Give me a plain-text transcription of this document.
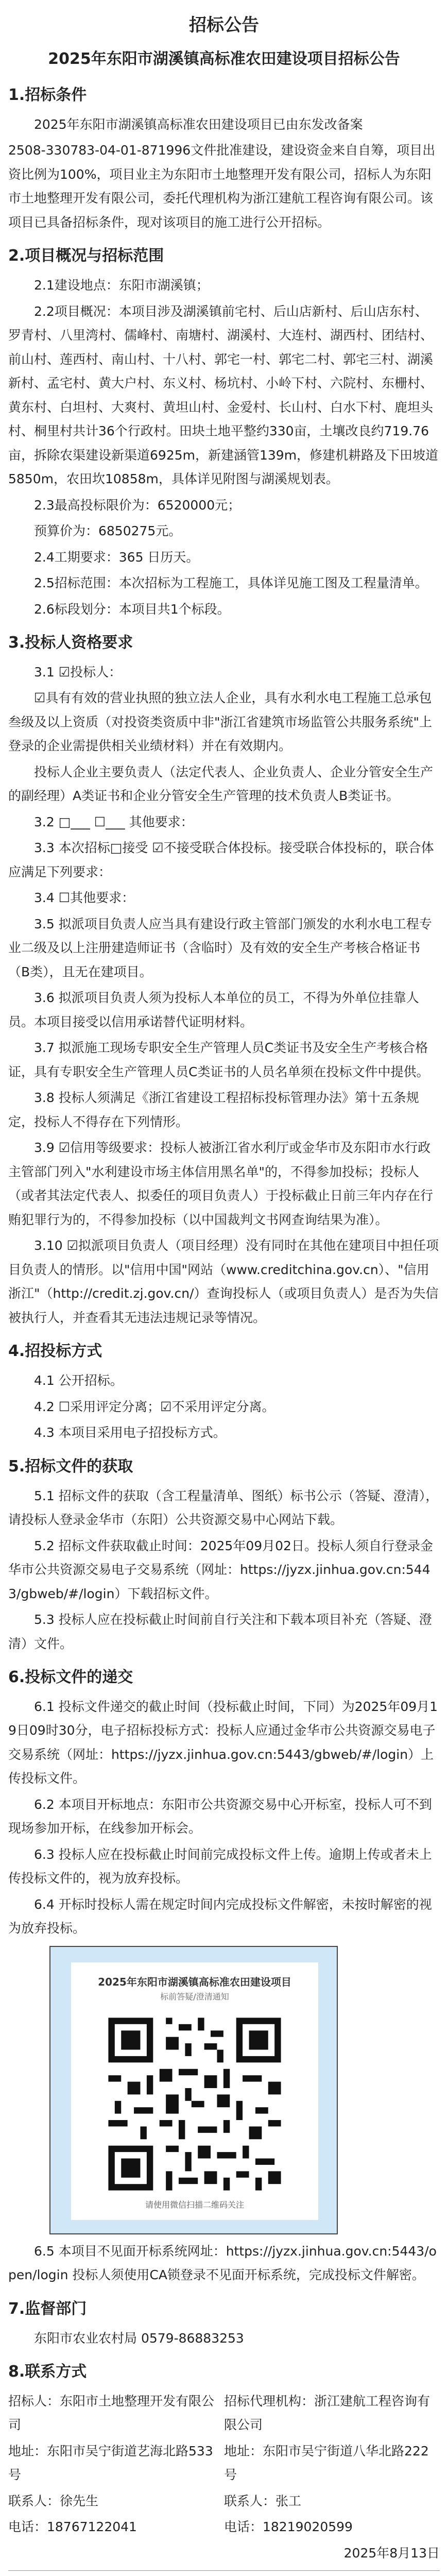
招标公告
2025年东阳市湖溪镇高标准农田建设项目招标公告
1.招标条件

2025年东阳市湖溪镇高标准农田建设项目已由东发改备案

2508-330783-04-01-871996文件批准建设，建设资金来自自筹，项目出资比例为100%，项目业主为东阳市土地整理开发有限公司，招标人为东阳市土地整理开发有限公司，委托代理机构为浙江建航工程咨询有限公司。该项目已具备招标条件，现对该项目的施工进行公开招标。

2.项目概况与招标范围

2.1建设地点：东阳市湖溪镇；

2.2项目概况：本项目涉及湖溪镇前宅村、后山店新村、后山店东村、罗青村、八里湾村、儒峰村、南塘村、湖溪村、大连村、湖西村、团结村、前山村、莲西村、南山村、十八村、郭宅一村、郭宅二村、郭宅三村、湖溪新村、孟宅村、黄大户村、东义村、杨坑村、小岭下村、六院村、东栅村、黄东村、白坦村、大爽村、黄坦山村、金爱村、长山村、白水下村、鹿坦头村、桐里村共计36个行政村。田块土地平整约330亩，土壤改良约719.76亩，拆除农渠建设新渠道6925m，新建涵管139m，修建机耕路及下田坡道5850m，农田坎10858m，具体详见附图与湖溪规划表。

2.3最高投标限价为：6520000元；

预算价为：6850275元。

2.4工期要求：365 日历天。

2.5招标范围：本次招标为工程施工，具体详见施工图及工程量清单。

2.6标段划分：本项目共1个标段。

3.投标人资格要求

3.1 ☑投标人：

☑具有有效的营业执照的独立法人企业，具有水利水电工程施工总承包叁级及以上资质（对投资类资质中非"浙江省建筑市场监管公共服务系统"上登录的企业需提供相关业绩材料）并在有效期内。

投标人企业主要负责人（法定代表人、企业负责人、企业分管安全生产的副经理）A类证书和企业分管安全生产管理的技术负责人B类证书。

3.2 □___ ☐___ 其他要求：

3.3 本次招标□接受 ☑不接受联合体投标。接受联合体投标的，联合体应满足下列要求：

3.4 ☐其他要求：

3.5 拟派项目负责人应当具有建设行政主管部门颁发的水利水电工程专业二级及以上注册建造师证书（含临时）及有效的安全生产考核合格证书（B类），且无在建项目。

3.6 拟派项目负责人须为投标人本单位的员工，不得为外单位挂靠人员。本项目接受以信用承诺替代证明材料。

3.7 拟派施工现场专职安全生产管理人员C类证书及安全生产考核合格证，具有专职安全生产管理人员C类证书的人员名单须在投标文件中提供。

3.8 投标人须满足《浙江省建设工程招标投标管理办法》第十五条规定，投标人不得存在下列情形。

3.9 ☑信用等级要求：投标人被浙江省水利厅或金华市及东阳市水行政主管部门列入"水利建设市场主体信用黑名单"的，不得参加投标；投标人（或者其法定代表人、拟委任的项目负责人）于投标截止日前三年内存在行贿犯罪行为的，不得参加投标（以中国裁判文书网查询结果为准）。

3.10 ☑拟派项目负责人（项目经理）没有同时在其他在建项目中担任项目负责人的情形。以"信用中国"网站（www.creditchina.gov.cn）、"信用浙江"（http://credit.zj.gov.cn/）查询投标人（或项目负责人）是否为失信被执行人，并查看其无违法违规记录等情况。

4.招投标方式

4.1 公开招标。

4.2 ☐采用评定分离；☑不采用评定分离。

4.3 本项目采用电子招投标方式。

5.招标文件的获取

5.1 招标文件的获取（含工程量清单、图纸）标书公示（答疑、澄清），请投标人登录金华市（东阳）公共资源交易中心网站下载。

5.2 招标文件获取截止时间：2025年09月02日。投标人须自行登录金华市公共资源交易电子交易系统（网址：https://jyzx.jinhua.gov.cn:5443/gbweb/#/login）下载招标文件。

5.3 投标人应在投标截止时间前自行关注和下载本项目补充（答疑、澄清）文件。

6.投标文件的递交

6.1 投标文件递交的截止时间（投标截止时间，下同）为2025年09月19日09时30分，电子招标投标方式：投标人应通过金华市公共资源交易电子交易系统（网址：https://jyzx.jinhua.gov.cn:5443/gbweb/#/login）上传投标文件。

6.2 本项目开标地点：东阳市公共资源交易中心开标室，投标人可不到现场参加开标，在线参加开标会。

6.3 投标人应在投标截止时间前完成投标文件上传。逾期上传或者未上传投标文件的，视为放弃投标。

6.4 开标时投标人需在规定时间内完成投标文件解密，未按时解密的视为放弃投标。

2025年东阳市湖溪镇高标准农田建设项目
标前答疑/澄清通知
请使用微信扫描二维码关注

6.5 本项目不见面开标系统网址：https://jyzx.jinhua.gov.cn:5443/open/login 投标人须使用CA锁登录不见面开标系统，完成投标文件解密。

7.监督部门

东阳市农业农村局 0579-86883253

8.联系方式

招标人：东阳市土地整理开发有限公司

地址：东阳市吴宁街道艺海北路533号

联系人：徐先生

电话：18767122041

招标代理机构：浙江建航工程咨询有限公司

地址：东阳市吴宁街道八华北路222号

联系人：张工

电话：18219020599

2025年8月13日
